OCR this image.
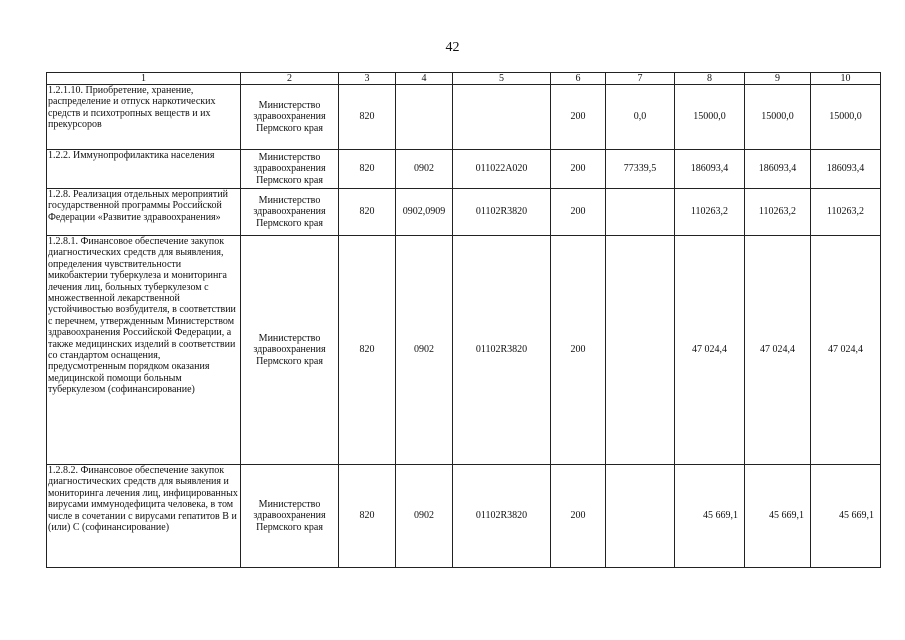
42
1	2	3	4	5	6	7	8	9	10
1.2.1.10. Приобретение, хранение, распределение и отпуск наркотических средств и психотропных веществ и их прекурсоров	Министерство здравоохранения Пермского края	820			200	0,0	15000,0	15000,0	15000,0
1.2.2. Иммунопрофилактика населения	Министерство здравоохранения Пермского края	820	0902	011022А020	200	77339,5	186093,4	186093,4	186093,4
1.2.8. Реализация отдельных мероприятий государственной программы Российской Федерации «Развитие здравоохранения»	Министерство здравоохранения Пермского края	820	0902,0909	01102R3820	200		110263,2	110263,2	110263,2
1.2.8.1. Финансовое обеспечение закупок диагностических средств для выявления, определения чувствительности микобактерии туберкулеза и мониторинга лечения лиц, больных туберкулезом с множественной лекарственной устойчивостью возбудителя, в соответствии с перечнем, утвержденным Министерством здравоохранения Российской Федерации, а также медицинских изделий в соответствии со стандартом оснащения, предусмотренным порядком оказания медицинской помощи больным туберкулезом (софинансирование)	Министерство здравоохранения Пермского края	820	0902	01102R3820	200		47 024,4	47 024,4	47 024,4
1.2.8.2. Финансовое обеспечение закупок диагностических средств для выявления и мониторинга лечения лиц, инфицированных вирусами иммунодефицита человека, в том числе в сочетании с вирусами гепатитов B и (или) C (софинансирование)	Министерство здравоохранения Пермского края	820	0902	01102R3820	200		45 669,1	45 669,1	45 669,1
